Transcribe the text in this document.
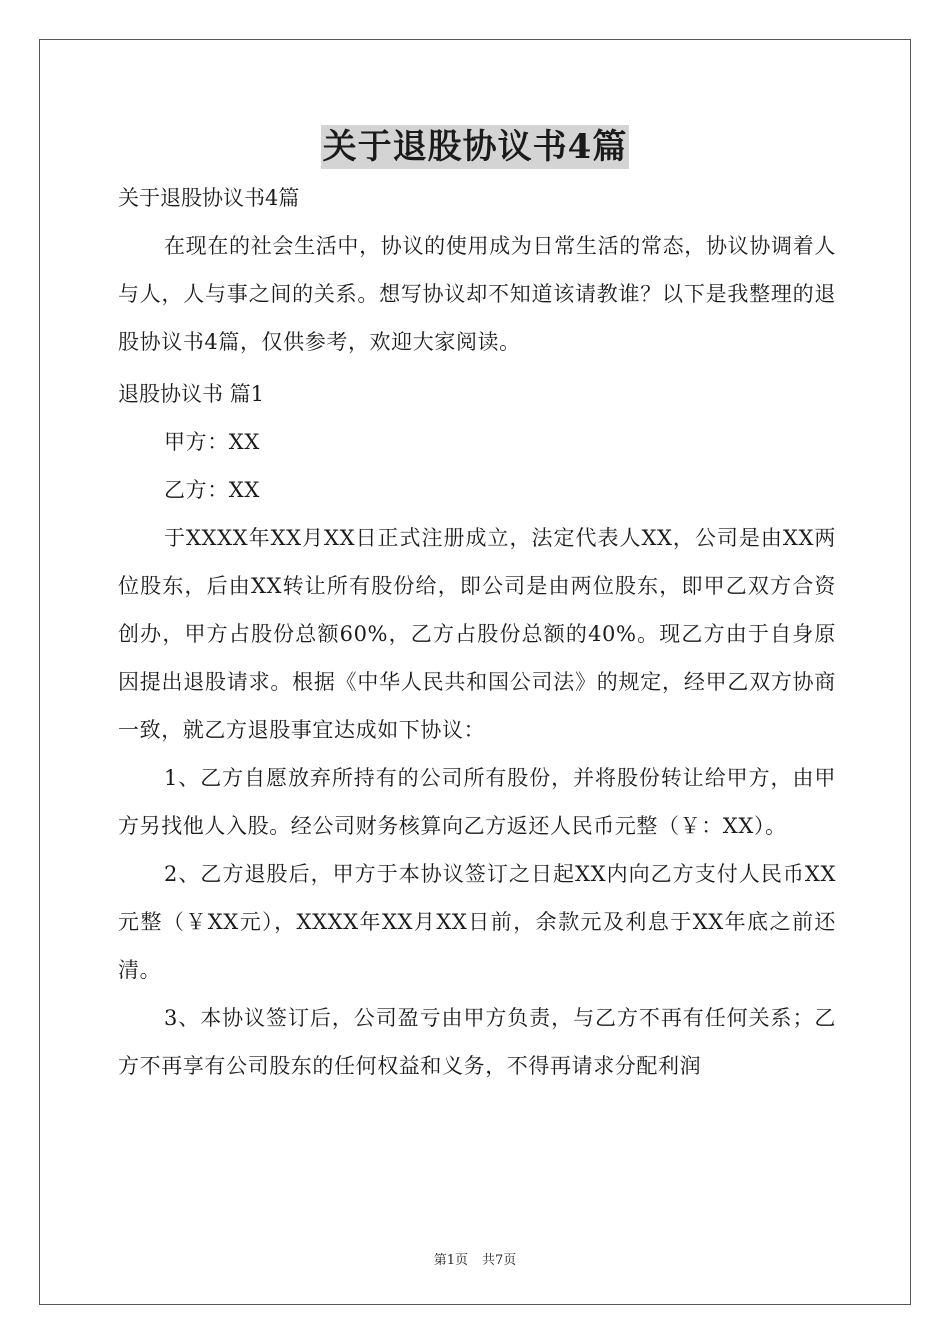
关于退股协议书4篇

关于退股协议书4篇

在现在的社会生活中，协议的使用成为日常生活的常态，协议协调着人与人，人与事之间的关系。想写协议却不知道该请教谁？以下是我整理的退股协议书4篇，仅供参考，欢迎大家阅读。

退股协议书 篇1

甲方：XX

乙方：XX

于XXXX年XX月XX日正式注册成立，法定代表人XX，公司是由XX两位股东，后由XX转让所有股份给，即公司是由两位股东，即甲乙双方合资创办，甲方占股份总额60%，乙方占股份总额的40%。现乙方由于自身原因提出退股请求。根据《中华人民共和国公司法》的规定，经甲乙双方协商一致，就乙方退股事宜达成如下协议：

1、乙方自愿放弃所持有的公司所有股份，并将股份转让给甲方，由甲方另找他人入股。经公司财务核算向乙方返还人民币元整（￥：XX）。

2、乙方退股后，甲方于本协议签订之日起XX内向乙方支付人民币XX元整（￥XX元），XXXX年XX月XX日前，余款元及利息于XX年底之前还清。

3、本协议签订后，公司盈亏由甲方负责，与乙方不再有任何关系；乙方不再享有公司股东的任何权益和义务，不得再请求分配利润

第1页 共7页
